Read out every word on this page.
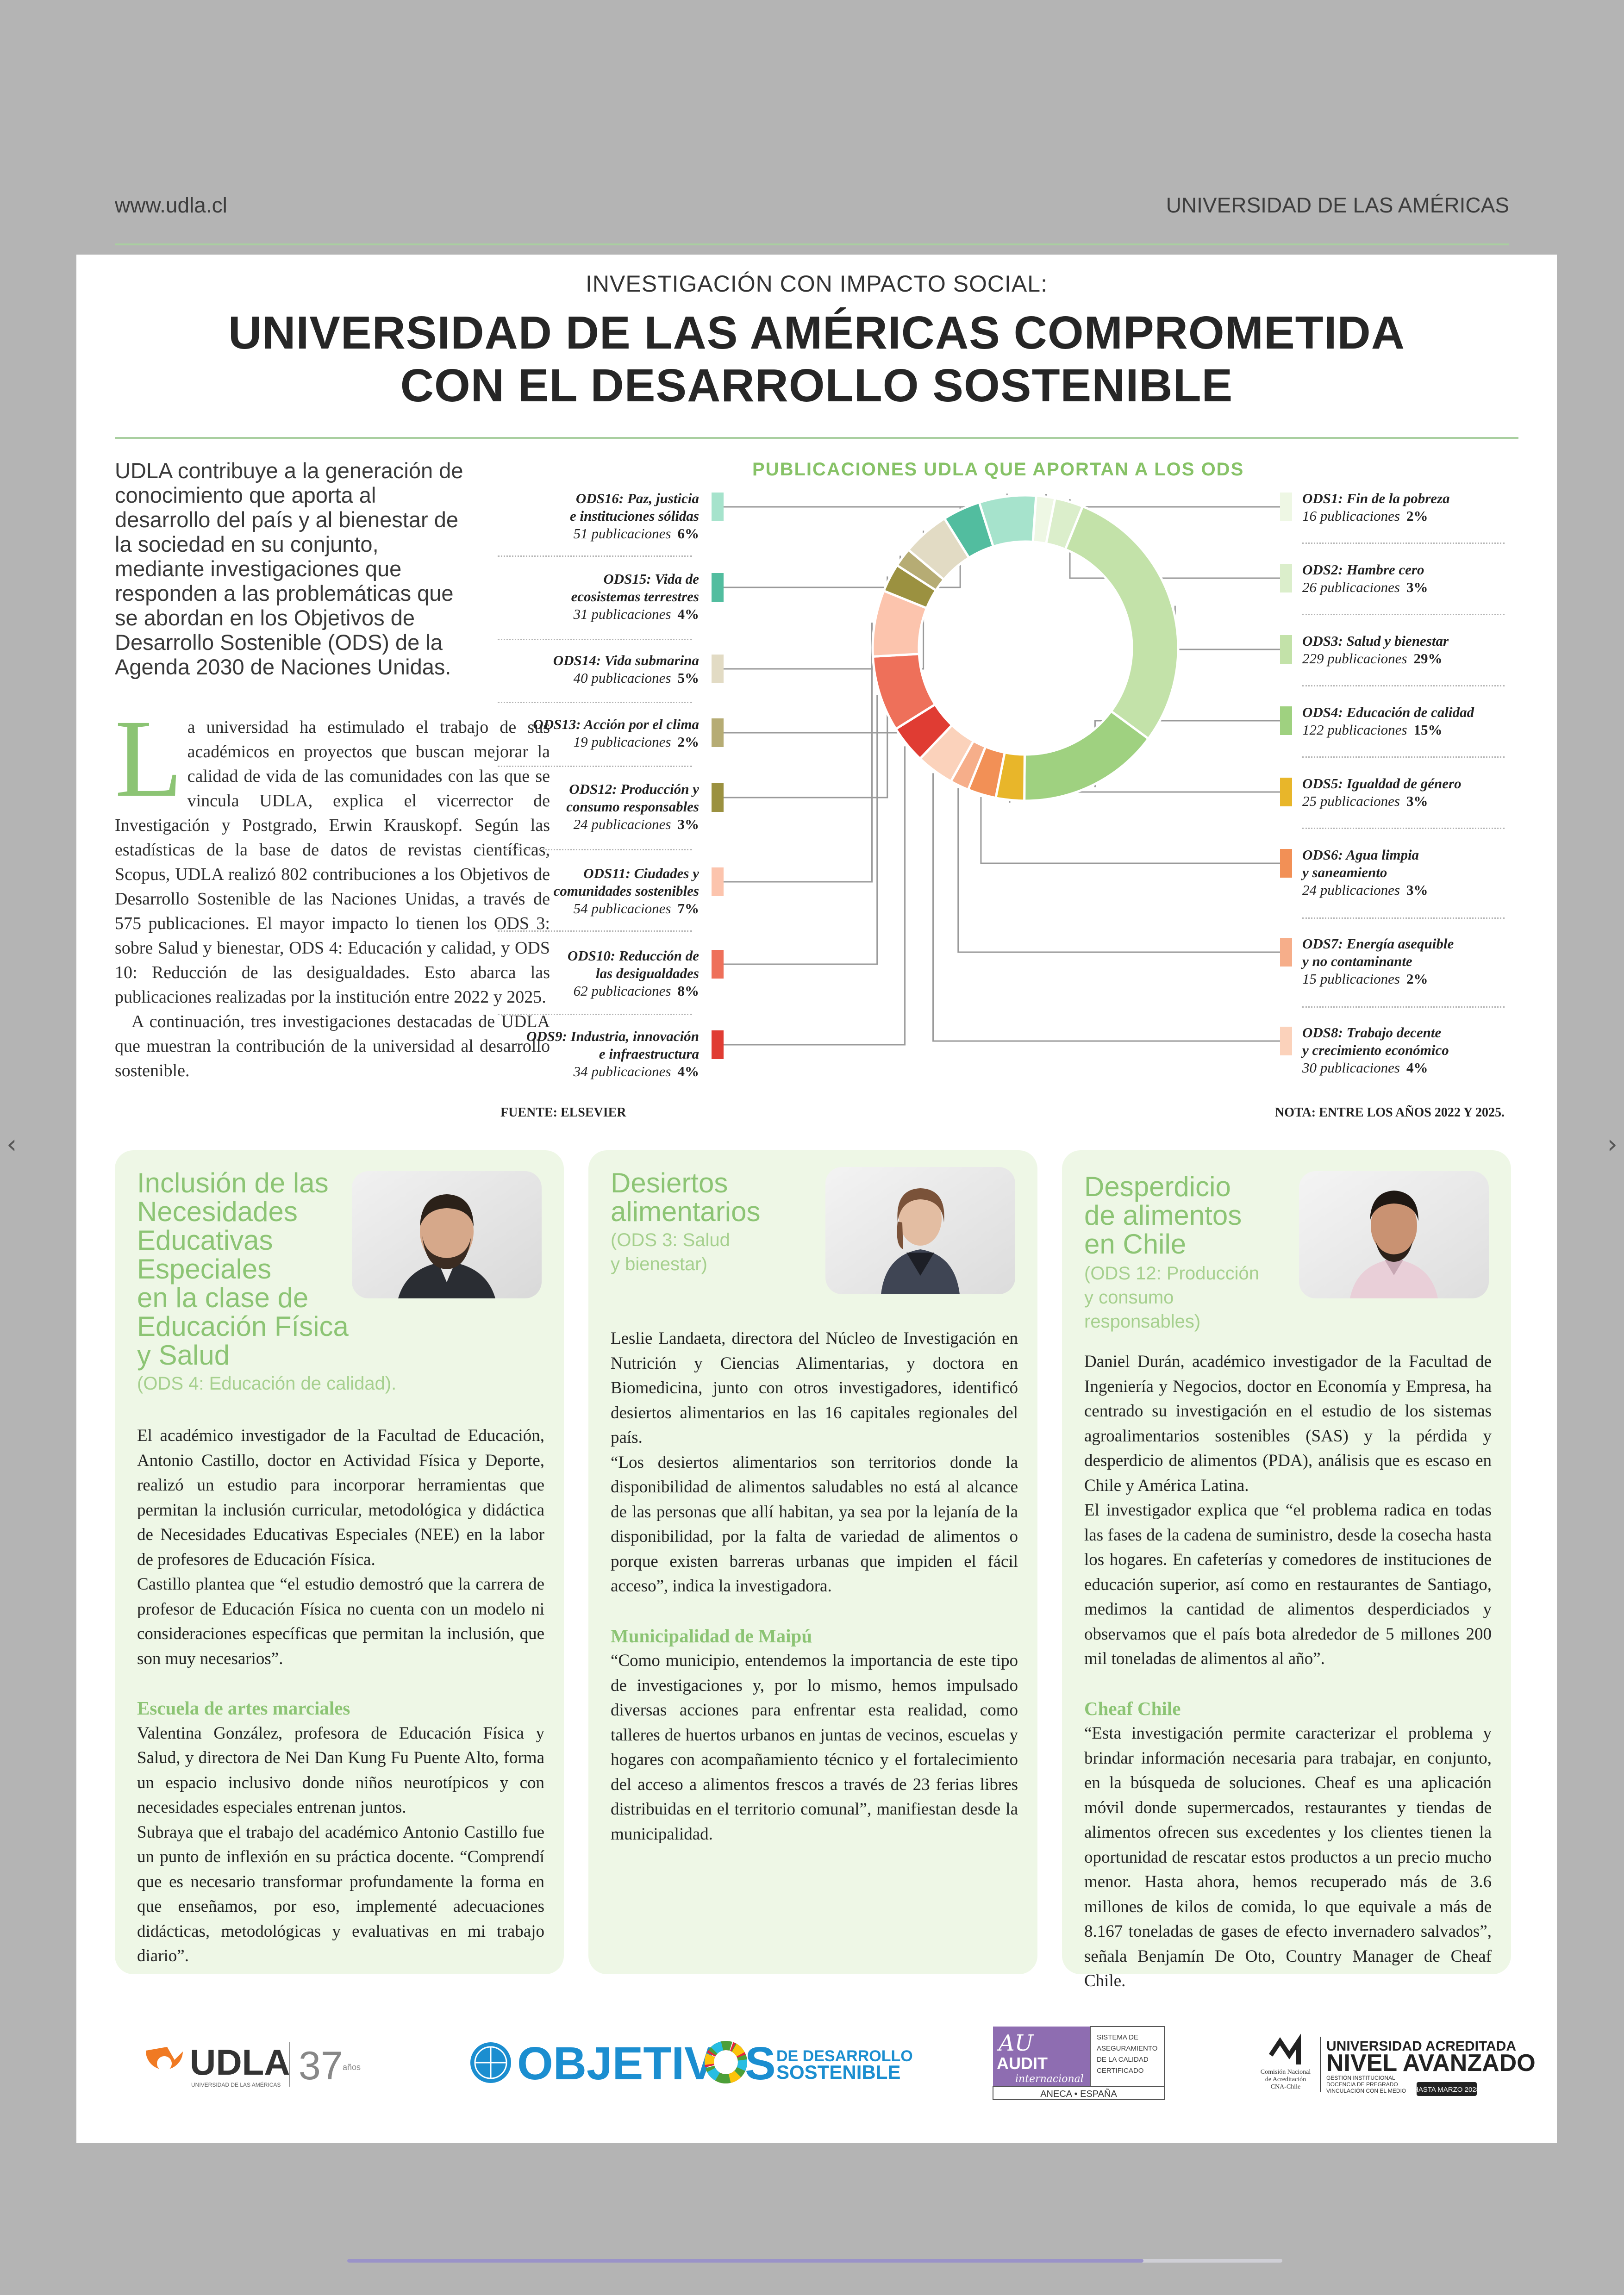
‹	›
www.udla.cl	UNIVERSIDAD DE LAS AMÉRICAS
INVESTIGACIÓN CON IMPACTO SOCIAL:
UNIVERSIDAD DE LAS AMÉRICAS COMPROMETIDA
CON EL DESARROLLO SOSTENIBLE
UDLA contribuye a la generación de conocimiento que aporta al desarrollo del país y al bienestar de la sociedad en su conjunto, mediante investigaciones que responden a las problemáticas que se abordan en los Objetivos de Desarrollo Sostenible (ODS) de la Agenda 2030 de Naciones Unidas.
L a universidad ha estimulado el trabajo de sus académicos en proyectos que buscan mejorar la calidad de vida de las comunidades con las que se vincula UDLA, explica el vicerrector de Investigación y Postgrado, Erwin Krauskopf. Según las estadísticas de la base de datos de revistas científicas, Scopus, UDLA realizó 802 contribuciones a los Objetivos de Desarrollo Sostenible de las Naciones Unidas, a través de 575 publicaciones. El mayor impacto lo tienen los ODS 3: sobre Salud y bienestar, ODS 4: Educación y calidad, y ODS 10: Reducción de las desigualdades. Esto abarca las publicaciones realizadas por la institución entre 2022 y 2025.

A continuación, tres investigaciones destacadas de UDLA que muestran la contribución de la universidad al desarrollo sostenible.

PUBLICACIONES UDLA QUE APORTAN A LOS ODS
ODS16: Paz, justicia
e instituciones sólidas
51 publicaciones 6%
ODS15: Vida de
ecosistemas terrestres
31 publicaciones 4%
ODS14: Vida submarina
40 publicaciones 5%
ODS13: Acción por el clima
19 publicaciones 2%
ODS12: Producción y
consumo responsables
24 publicaciones 3%
ODS11: Ciudades y
comunidades sostenibles
54 publicaciones 7%
ODS10: Reducción de
las desigualdades
62 publicaciones 8%
ODS9: Industria, innovación
e infraestructura
34 publicaciones 4%
ODS1: Fin de la pobreza
16 publicaciones 2%
ODS2: Hambre cero
26 publicaciones 3%
ODS3: Salud y bienestar
229 publicaciones 29%
ODS4: Educación de calidad
122 publicaciones 15%
ODS5: Igualdad de género
25 publicaciones 3%
ODS6: Agua limpia
y saneamiento
24 publicaciones 3%
ODS7: Energía asequible
y no contaminante
15 publicaciones 2%
ODS8: Trabajo decente
y crecimiento económico
30 publicaciones 4%
FUENTE: ELSEVIER	NOTA: ENTRE LOS AÑOS 2022 Y 2025.
Inclusión de las
Necesidades
Educativas
Especiales
en la clase de
Educación Física
y Salud
(ODS 4: Educación de calidad).

El académico investigador de la Facultad de Educación, Antonio Castillo, doctor en Actividad Física y Deporte, realizó un estudio para incorporar herramientas que permitan la inclusión curricular, metodológica y didáctica de Necesidades Educativas Especiales (NEE) en la labor de profesores de Educación Física.

Castillo plantea que “el estudio demostró que la carrera de profesor de Educación Física no cuenta con un modelo ni consideraciones específicas que permitan la inclusión, que son muy necesarios”.

Escuela de artes marciales

Valentina González, profesora de Educación Física y Salud, y directora de Nei Dan Kung Fu Puente Alto, forma un espacio inclusivo donde niños neurotípicos y con necesidades especiales entrenan juntos.

Subraya que el trabajo del académico Antonio Castillo fue un punto de inflexión en su práctica docente. “Comprendí que es necesario transformar profundamente la forma en que enseñamos, por eso, implementé adecuaciones didácticas, metodológicas y evaluativas en mi trabajo diario”.

Desiertos
alimentarios
(ODS 3: Salud
y bienestar)

Leslie Landaeta, directora del Núcleo de Investigación en Nutrición y Ciencias Alimentarias, y doctora en Biomedicina, junto con otros investigadores, identificó desiertos alimentarios en las 16 capitales regionales del país.

“Los desiertos alimentarios son territorios donde la disponibilidad de alimentos saludables no está al alcance de las personas que allí habitan, ya sea por la lejanía de la disponibilidad, por la falta de variedad de alimentos o porque existen barreras urbanas que impiden el fácil acceso”, indica la investigadora.

Municipalidad de Maipú

“Como municipio, entendemos la importancia de este tipo de investigaciones y, por lo mismo, hemos impulsado diversas acciones para enfrentar esta realidad, como talleres de huertos urbanos en juntas de vecinos, escuelas y hogares con acompañamiento técnico y el fortalecimiento del acceso a alimentos frescos a través de 23 ferias libres distribuidas en el territorio comunal”, manifiestan desde la municipalidad.

Desperdicio
de alimentos
en Chile
(ODS 12: Producción
y consumo
responsables)

Daniel Durán, académico investigador de la Facultad de Ingeniería y Negocios, doctor en Economía y Empresa, ha centrado su investigación en el estudio de los sistemas agroalimentarios sostenibles (SAS) y la pérdida y desperdicio de alimentos (PDA), análisis que es escaso en Chile y América Latina.

El investigador explica que “el problema radica en todas las fases de la cadena de suministro, desde la cosecha hasta los hogares. En cafeterías y comedores de instituciones de educación superior, así como en restaurantes de Santiago, medimos la cantidad de alimentos desperdiciados y observamos que el país bota alrededor de 5 millones 200 mil toneladas de alimentos al año”.

Cheaf Chile

“Esta investigación permite caracterizar el problema y brindar información necesaria para trabajar, en conjunto, en la búsqueda de soluciones. Cheaf es una aplicación móvil donde supermercados, restaurantes y tiendas de alimentos ofrecen sus excedentes y los clientes tienen la oportunidad de rescatar estos productos a un precio mucho menor. Hasta ahora, hemos recuperado más de 3.6 millones de kilos de comida, lo que equivale a más de 8.167 toneladas de gases de efecto invernadero salvados”, señala Benjamín De Oto, Country Manager de Cheaf Chile.

UDLA
UNIVERSIDAD DE LAS AMÉRICAS 37 años	OBJETIV S DE DESARROLLO
SOSTENIBLE
AU
AUDIT
internacional
SISTEMA DE
ASEGURAMIENTO
DE LA CALIDAD
CERTIFICADO
ANECA • ESPAÑA
Comisión Nacional
de Acreditación
CNA-Chile
UNIVERSIDAD ACREDITADA
NIVEL AVANZADO
GESTIÓN INSTITUCIONAL
DOCENCIA DE PREGRADO
VINCULACIÓN CON EL MEDIO HASTA MARZO 2028
